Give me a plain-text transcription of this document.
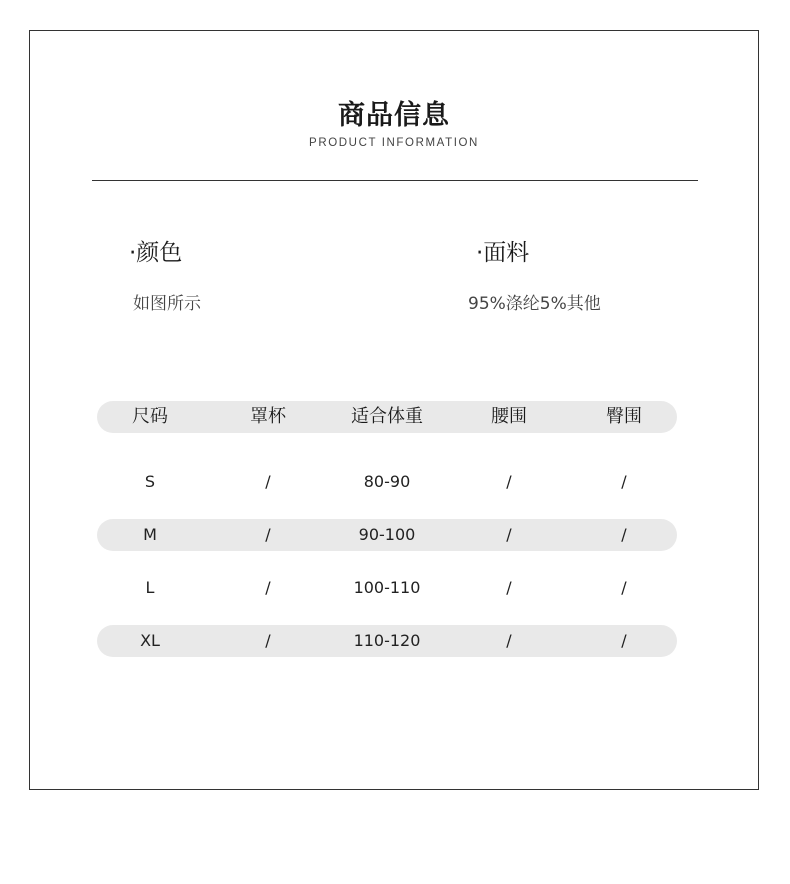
商品信息
PRODUCT INFORMATION
·颜色
如图所示
·面料
95%涤纶5%其他
尺码	罩杯	适合体重	腰围	臀围
S	/	80-90	/	/
M	/	90-100	/	/
L	/	100-110	/	/
XL	/	110-120	/	/
